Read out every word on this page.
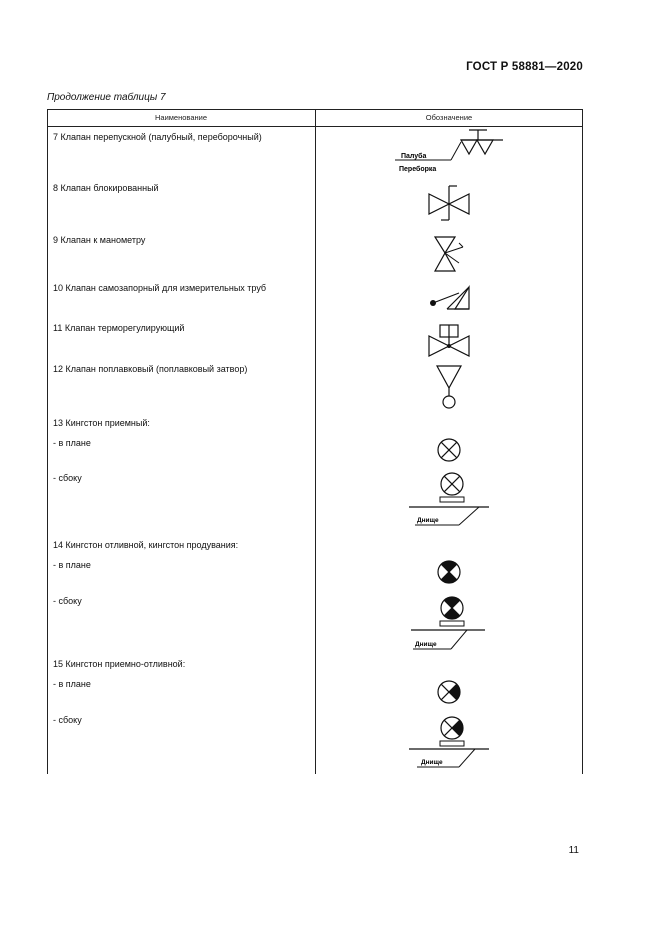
ГОСТ Р 58881—2020
Продолжение таблицы 7
Наименование	Обозначение
7 Клапан перепускной (палубный, переборочный)
8 Клапан блокированный
9 Клапан к манометру
10 Клапан самозапорный для измерительных труб
11 Клапан терморегулирующий
12 Клапан поплавковый (поплавковый затвор)
13 Кингстон приемный:
- в плане
- сбоку
14 Кингстон отливной, кингстон продувания:
- в плане
- сбоку
15 Кингстон приемно-отливной:
- в плане
- сбоку
Палуба
Переборка
Днище
Днище
Днище
11
